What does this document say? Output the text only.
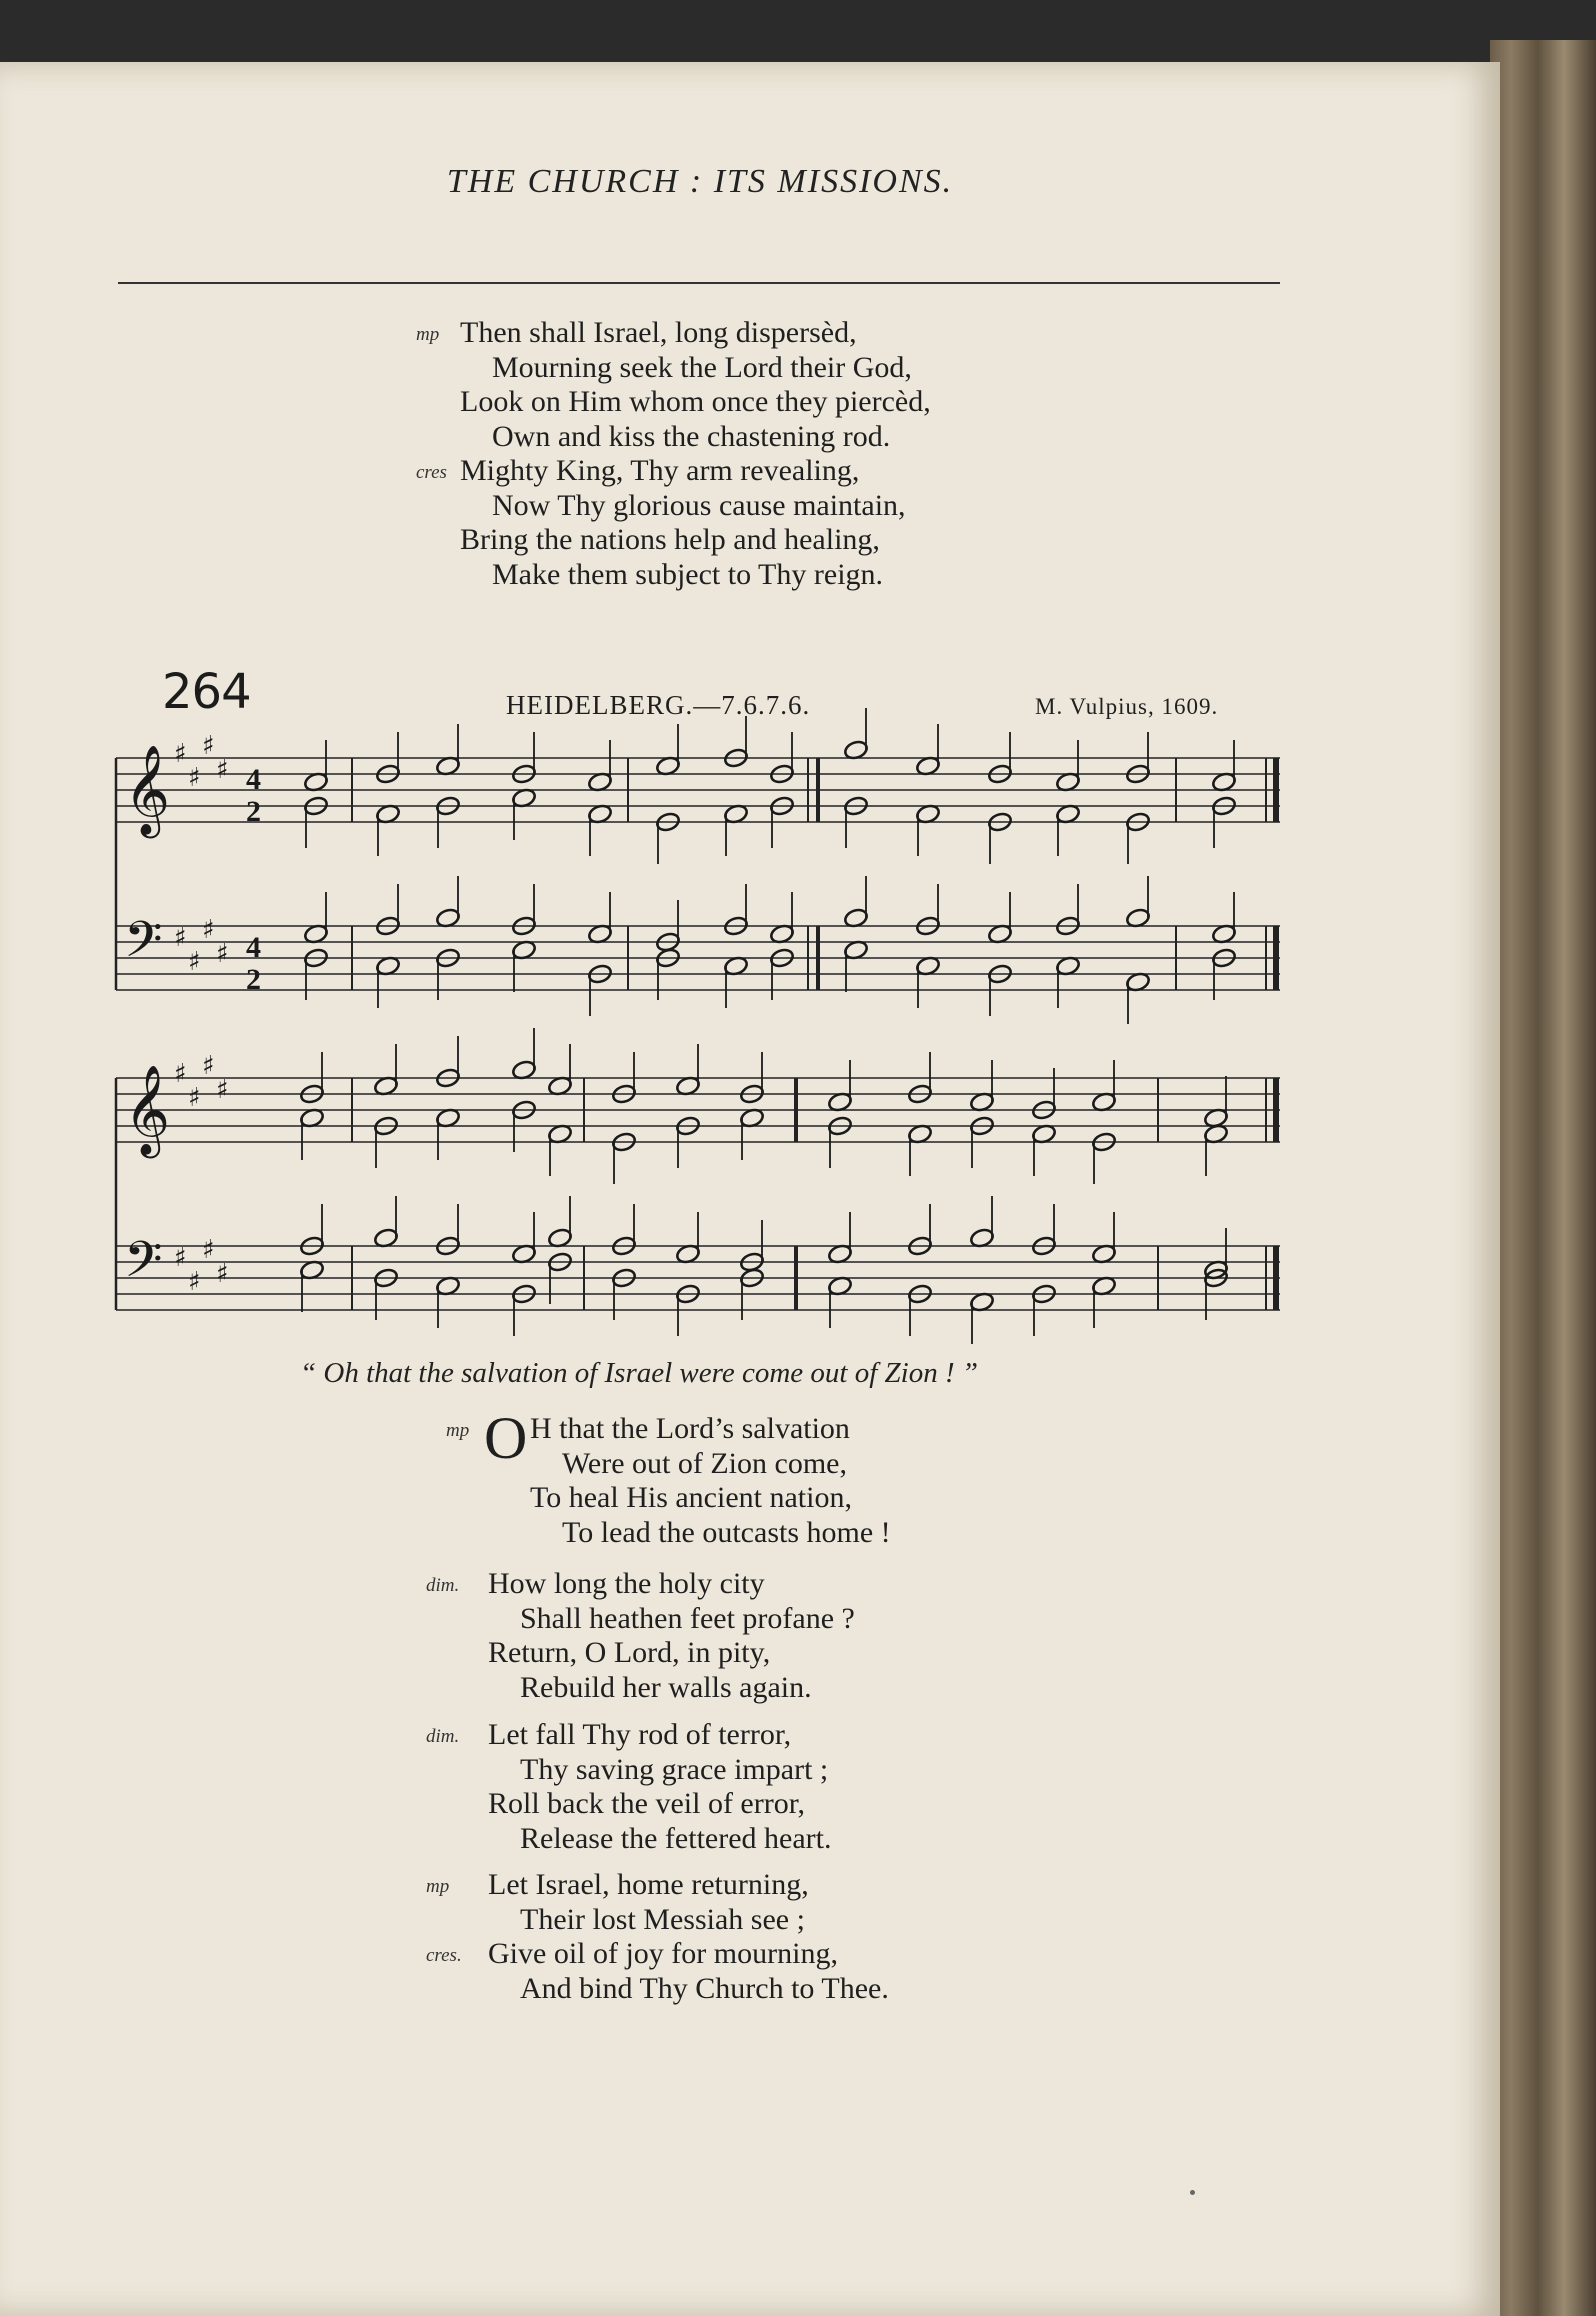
THE CHURCH : ITS MISSIONS.
mp Then shall Israel, long dispersèd,
Mourning seek the Lord their God,
Look on Him whom once they piercèd,
Own and kiss the chastening rod.
cres Mighty King, Thy arm revealing,
Now Thy glorious cause maintain,
Bring the nations help and healing,
Make them subject to Thy reign.
264	HEIDELBERG.—7.6.7.6.	M. Vulpius, 1609.
𝄞 ♯
♯
♯
♯
𝄢 ♯
♯
♯
♯
𝄞 ♯
♯
♯
♯
𝄢 ♯
♯
♯
♯
4
2
4
2
“ Oh that the salvation of Israel were come out of Zion ! ”
O
mp H that the Lord’s salvation
Were out of Zion come,
To heal His ancient nation,
To lead the outcasts home !
dim. How long the holy city
Shall heathen feet profane ?
Return, O Lord, in pity,
Rebuild her walls again.
dim. Let fall Thy rod of terror,
Thy saving grace impart ;
Roll back the veil of error,
Release the fettered heart.
mp Let Israel, home returning,
Their lost Messiah see ;
cres. Give oil of joy for mourning,
And bind Thy Church to Thee.
